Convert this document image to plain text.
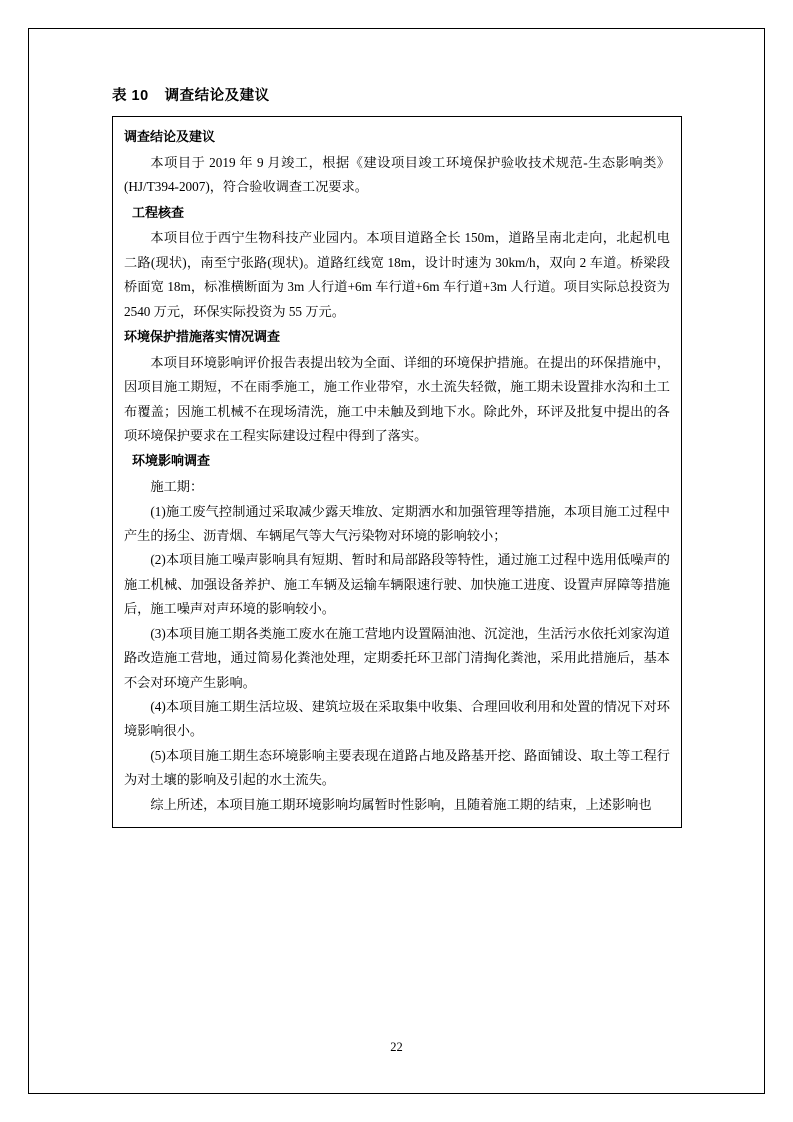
表 10 调查结论及建议
调查结论及建议

本项目于 2019 年 9 月竣工，根据《建设项目竣工环境保护验收技术规范-生态影响类》(HJ/T394-2007)，符合验收调查工况要求。

工程核查

本项目位于西宁生物科技产业园内。本项目道路全长 150m，道路呈南北走向，北起机电二路(现状)，南至宁张路(现状)。道路红线宽 18m，设计时速为 30km/h，双向 2 车道。桥梁段桥面宽 18m，标准横断面为 3m 人行道+6m 车行道+6m 车行道+3m 人行道。项目实际总投资为 2540 万元，环保实际投资为 55 万元。

环境保护措施落实情况调查

本项目环境影响评价报告表提出较为全面、详细的环境保护措施。在提出的环保措施中，因项目施工期短，不在雨季施工，施工作业带窄，水土流失轻微，施工期未设置排水沟和土工布覆盖；因施工机械不在现场清洗，施工中未触及到地下水。除此外，环评及批复中提出的各项环境保护要求在工程实际建设过程中得到了落实。

环境影响调查

施工期：

(1)施工废气控制通过采取减少露天堆放、定期洒水和加强管理等措施，本项目施工过程中产生的扬尘、沥青烟、车辆尾气等大气污染物对环境的影响较小；

(2)本项目施工噪声影响具有短期、暂时和局部路段等特性，通过施工过程中选用低噪声的施工机械、加强设备养护、施工车辆及运输车辆限速行驶、加快施工进度、设置声屏障等措施后，施工噪声对声环境的影响较小。

(3)本项目施工期各类施工废水在施工营地内设置隔油池、沉淀池，生活污水依托刘家沟道路改造施工营地，通过简易化粪池处理，定期委托环卫部门清掏化粪池，采用此措施后，基本不会对环境产生影响。

(4)本项目施工期生活垃圾、建筑垃圾在采取集中收集、合理回收利用和处置的情况下对环境影响很小。

(5)本项目施工期生态环境影响主要表现在道路占地及路基开挖、路面铺设、取土等工程行为对土壤的影响及引起的水土流失。

综上所述，本项目施工期环境影响均属暂时性影响，且随着施工期的结束，上述影响也

22
